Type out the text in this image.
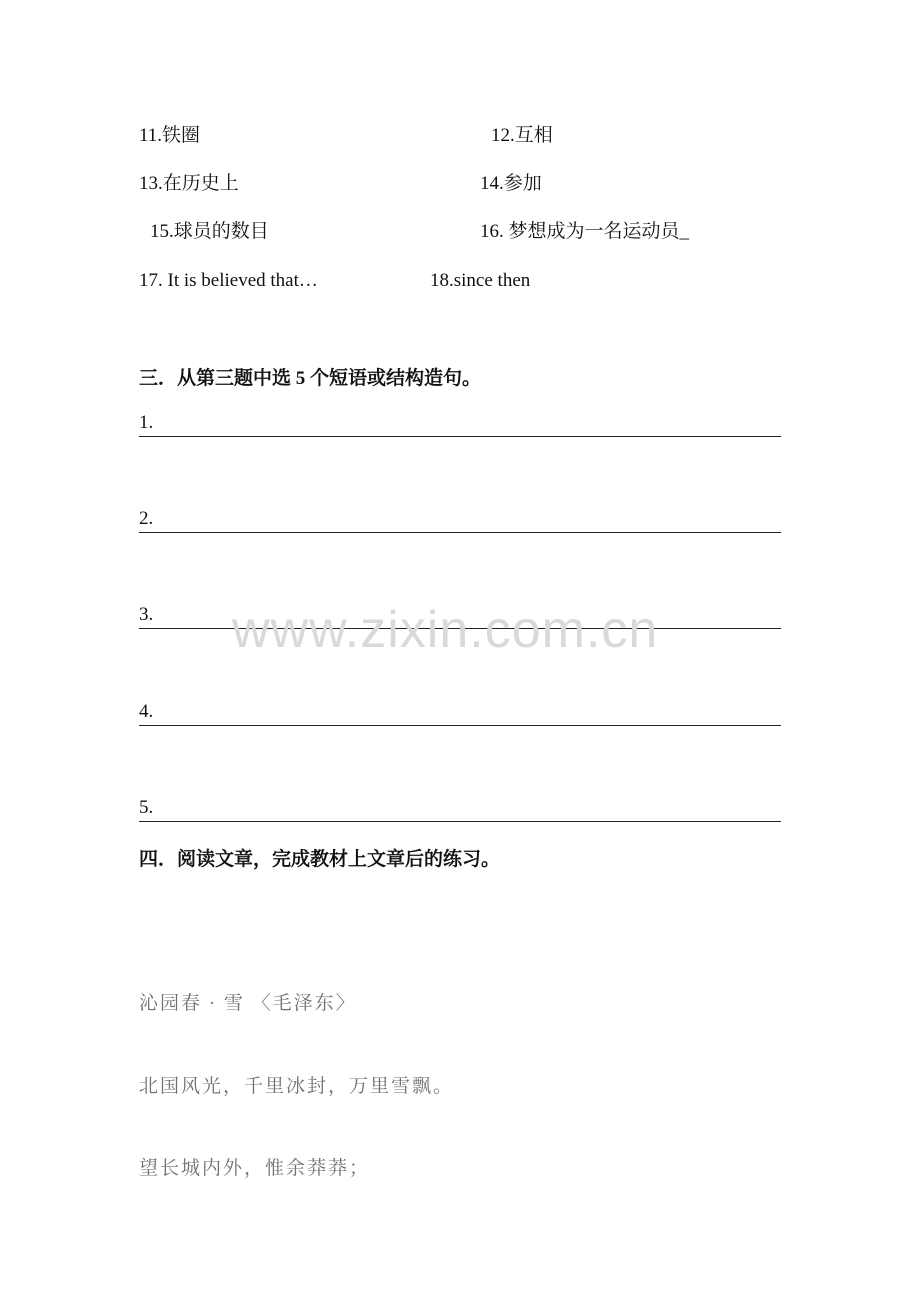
11.铁圈	12.互相
13.在历史上	14.参加
15.球员的数目	16. 梦想成为一名运动员_
17. It is believed that…	18.since then
三．从第三题中选 5 个短语或结构造句。
1.
2.
3.
4.
5.
四．阅读文章，完成教材上文章后的练习。
沁园春 · 雪 〈毛泽东〉
北国风光，千里冰封，万里雪飘。
望长城内外，惟余莽莽；
www.zixin.com.cn
